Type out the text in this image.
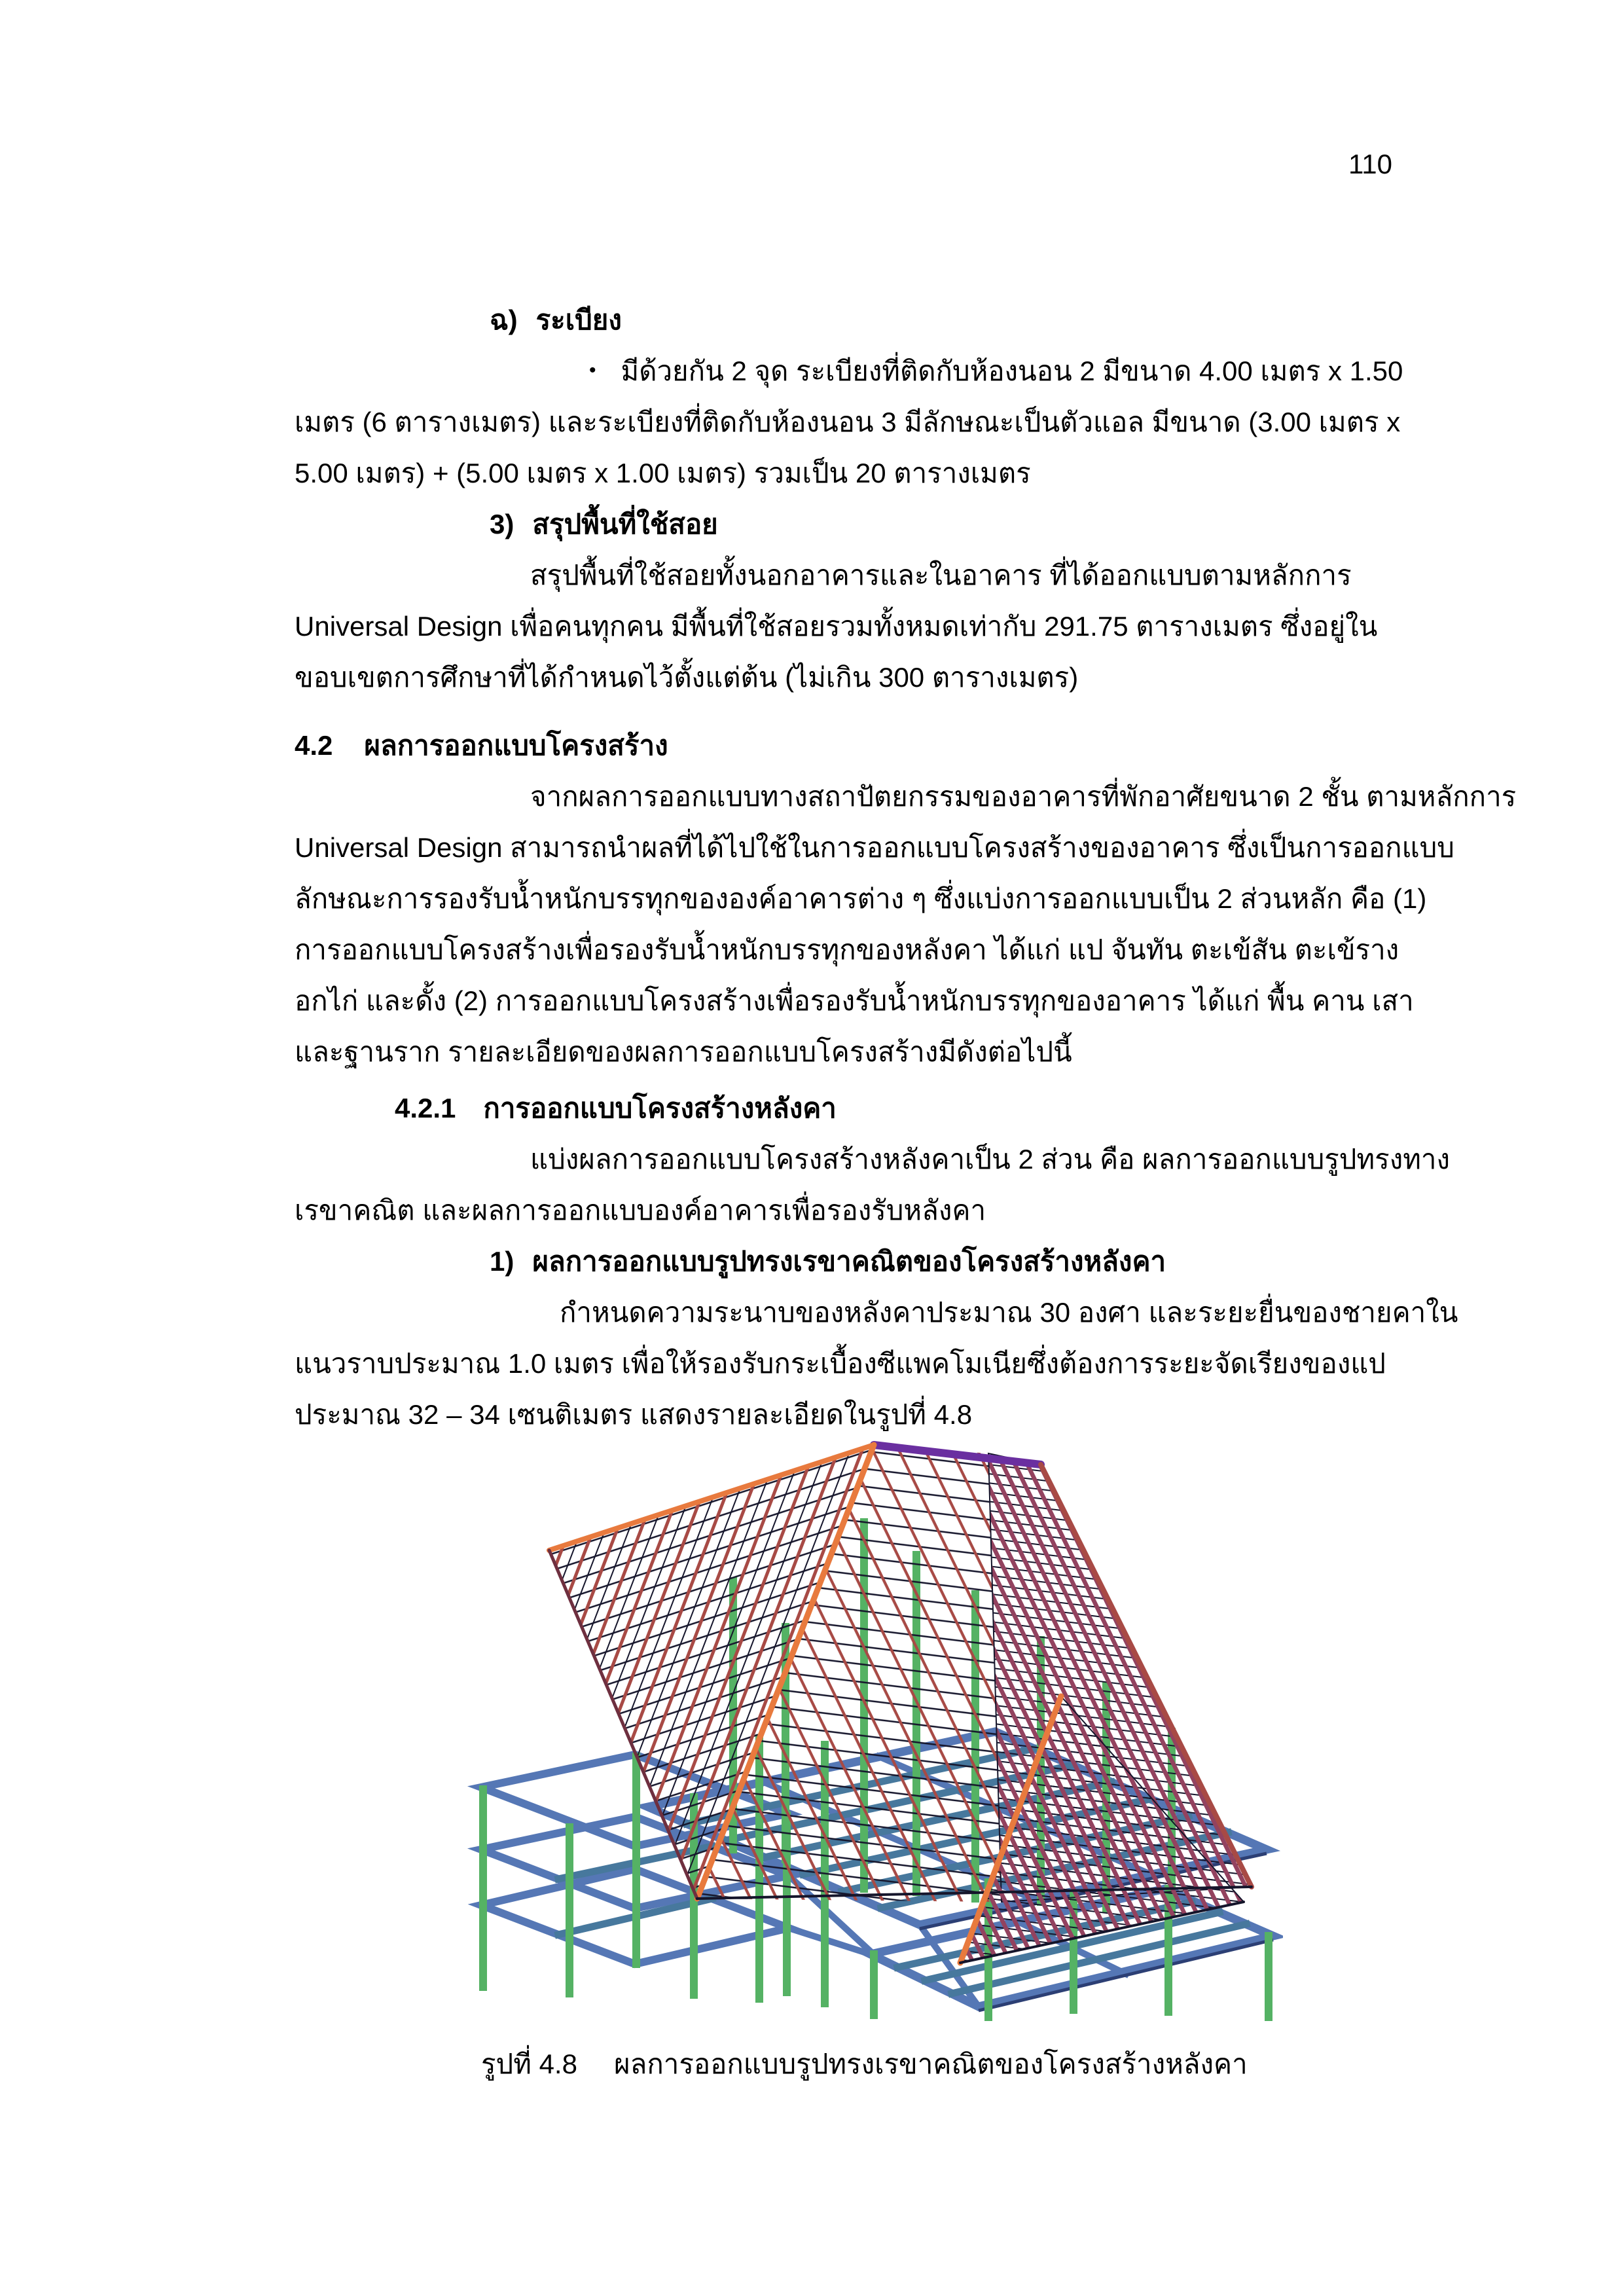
110
ฉ) ระเบียง
• มีด้วยกัน 2 จุด ระเบียงที่ติดกับห้องนอน 2 มีขนาด 4.00 เมตร x 1.50
เมตร (6 ตารางเมตร) และระเบียงที่ติดกับห้องนอน 3 มีลักษณะเป็นตัวแอล มีขนาด (3.00 เมตร x
5.00 เมตร) + (5.00 เมตร x 1.00 เมตร) รวมเป็น 20 ตารางเมตร
3) สรุปพื้นที่ใช้สอย
สรุปพื้นที่ใช้สอยทั้งนอกอาคารและในอาคาร ที่ได้ออกแบบตามหลักการ
Universal Design เพื่อคนทุกคน มีพื้นที่ใช้สอยรวมทั้งหมดเท่ากับ 291.75 ตารางเมตร ซึ่งอยู่ใน
ขอบเขตการศึกษาที่ได้กำหนดไว้ตั้งแต่ต้น (ไม่เกิน 300 ตารางเมตร)
4.2 ผลการออกแบบโครงสร้าง
จากผลการออกแบบทางสถาปัตยกรรมของอาคารที่พักอาศัยขนาด 2 ชั้น ตามหลักการ
Universal Design สามารถนำผลที่ได้ไปใช้ในการออกแบบโครงสร้างของอาคาร ซึ่งเป็นการออกแบบ
ลักษณะการรองรับน้ำหนักบรรทุกขององค์อาคารต่าง ๆ ซึ่งแบ่งการออกแบบเป็น 2 ส่วนหลัก คือ (1)
การออกแบบโครงสร้างเพื่อรองรับน้ำหนักบรรทุกของหลังคา ได้แก่ แป จันทัน ตะเข้สัน ตะเข้ราง
อกไก่ และดั้ง (2) การออกแบบโครงสร้างเพื่อรองรับน้ำหนักบรรทุกของอาคาร ได้แก่ พื้น คาน เสา
และฐานราก รายละเอียดของผลการออกแบบโครงสร้างมีดังต่อไปนี้
4.2.1 การออกแบบโครงสร้างหลังคา
แบ่งผลการออกแบบโครงสร้างหลังคาเป็น 2 ส่วน คือ ผลการออกแบบรูปทรงทาง
เรขาคณิต และผลการออกแบบองค์อาคารเพื่อรองรับหลังคา
1) ผลการออกแบบรูปทรงเรขาคณิตของโครงสร้างหลังคา
กำหนดความระนาบของหลังคาประมาณ 30 องศา และระยะยื่นของชายคาใน
แนวราบประมาณ 1.0 เมตร เพื่อให้รองรับกระเบื้องซีแพคโมเนียซึ่งต้องการระยะจัดเรียงของแป
ประมาณ 32 – 34 เซนติเมตร แสดงรายละเอียดในรูปที่ 4.8
รูปที่ 4.8 ผลการออกแบบรูปทรงเรขาคณิตของโครงสร้างหลังคา
